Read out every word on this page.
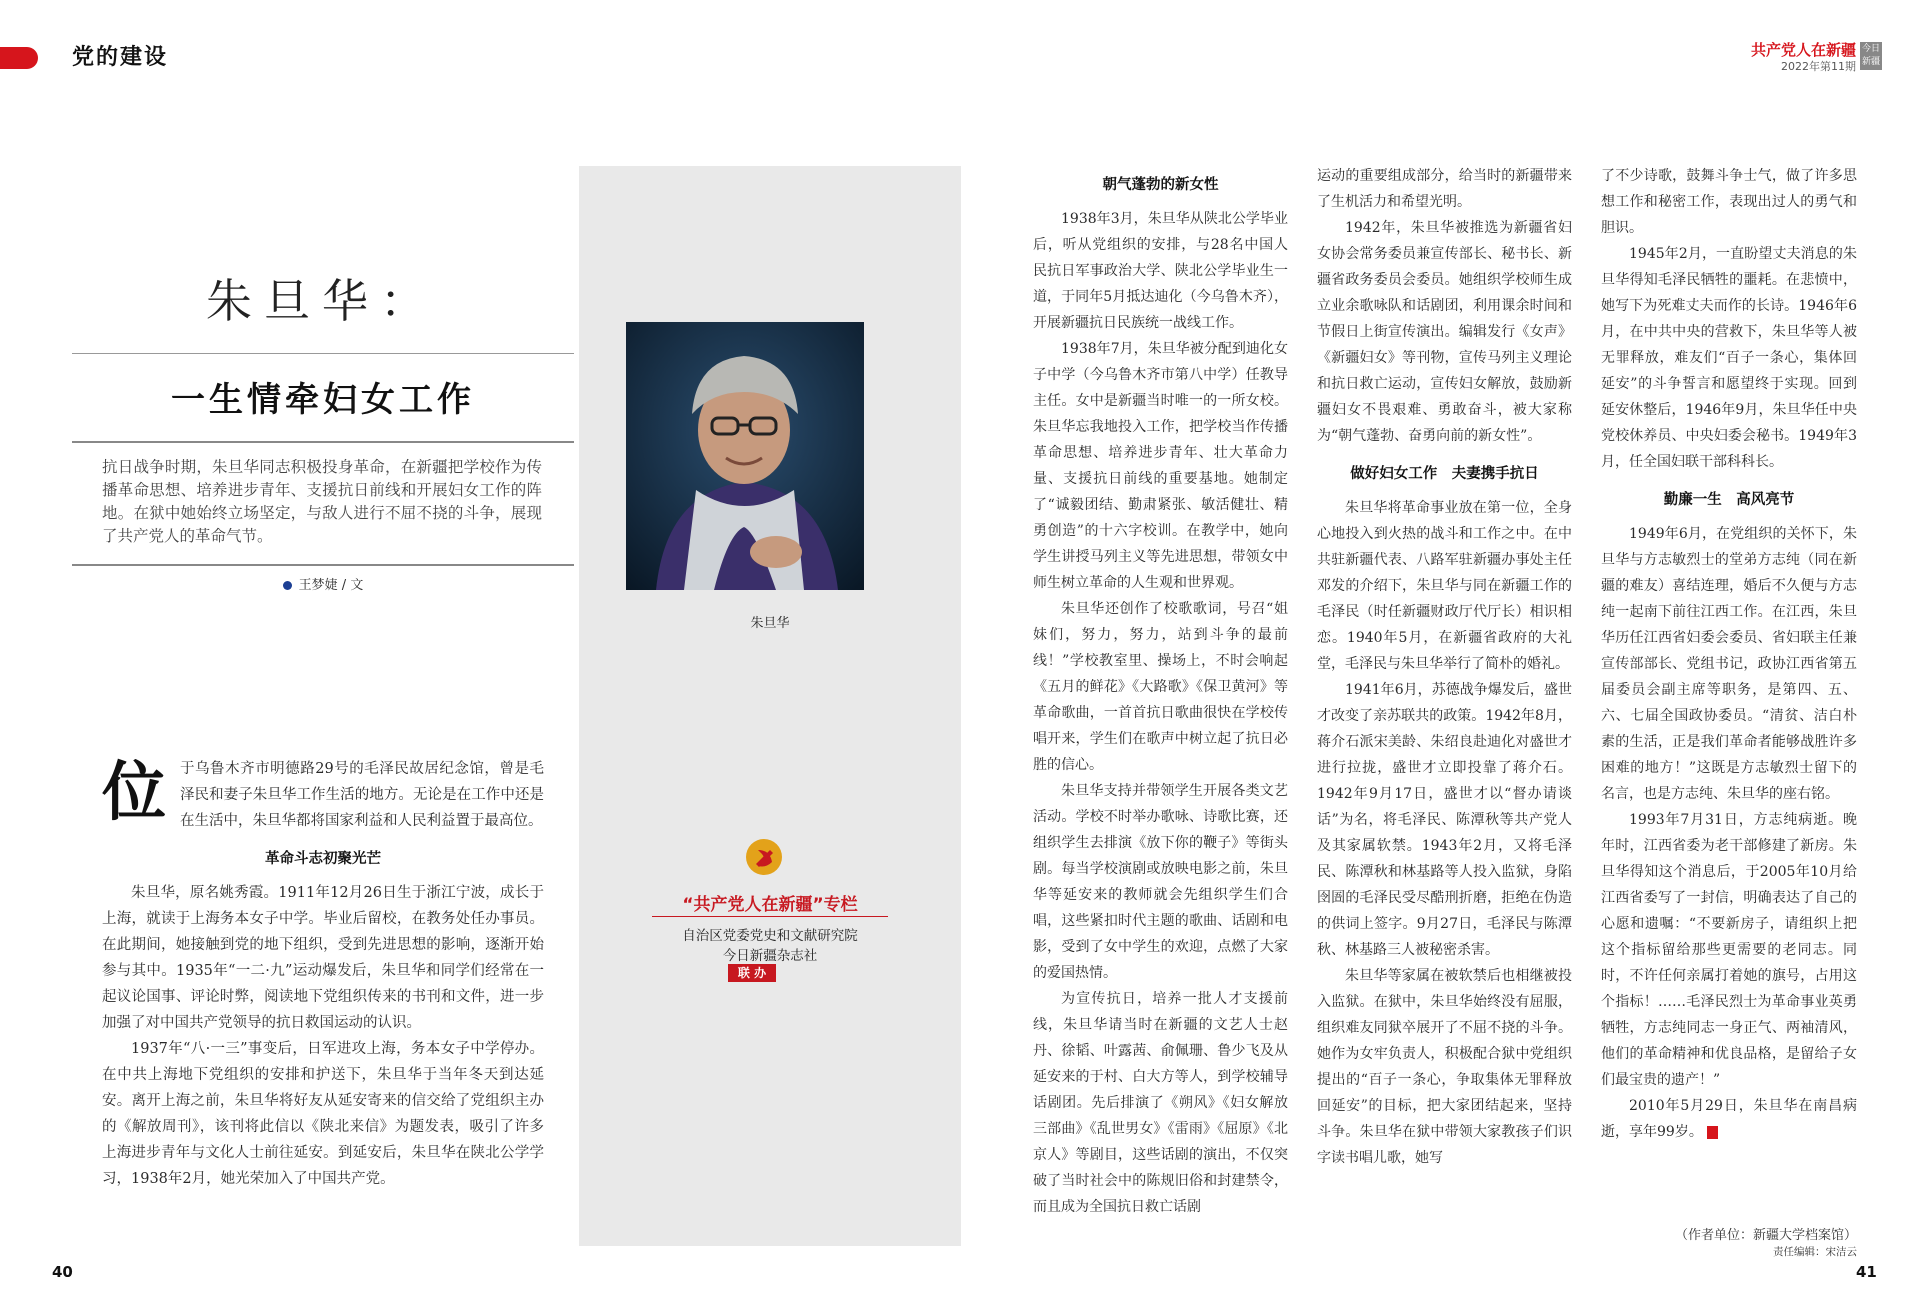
党的建设	共产党人在新疆
2022年第11期
今日
新疆
朱旦华：
一生情牵妇女工作
抗日战争时期，朱旦华同志积极投身革命，在新疆把学校作为传播革命思想、培养进步青年、支援抗日前线和开展妇女工作的阵地。在狱中她始终立场坚定，与敌人进行不屈不挠的斗争，展现了共产党人的革命气节。
王梦婕 / 文
位 于乌鲁木齐市明德路29号的毛泽民故居纪念馆，曾是毛泽民和妻子朱旦华工作生活的地方。无论是在工作中还是在生活中，朱旦华都将国家利益和人民利益置于最高位。

革命斗志初聚光芒

朱旦华，原名姚秀霞。1911年12月26日生于浙江宁波，成长于上海，就读于上海务本女子中学。毕业后留校，在教务处任办事员。在此期间，她接触到党的地下组织，受到先进思想的影响，逐渐开始参与其中。1935年“一二·九”运动爆发后，朱旦华和同学们经常在一起议论国事、评论时弊，阅读地下党组织传来的书刊和文件，进一步加强了对中国共产党领导的抗日救国运动的认识。

1937年“八·一三”事变后，日军进攻上海，务本女子中学停办。在中共上海地下党组织的安排和护送下，朱旦华于当年冬天到达延安。离开上海之前，朱旦华将好友从延安寄来的信交给了党组织主办的《解放周刊》，该刊将此信以《陕北来信》为题发表，吸引了许多上海进步青年与文化人士前往延安。到延安后，朱旦华在陕北公学学习，1938年2月，她光荣加入了中国共产党。

朱旦华
“共产党人在新疆”专栏
自治区党委党史和文献研究院
今日新疆杂志社
联 办
朝气蓬勃的新女性

1938年3月，朱旦华从陕北公学毕业后，听从党组织的安排，与28名中国人民抗日军事政治大学、陕北公学毕业生一道，于同年5月抵达迪化（今乌鲁木齐），开展新疆抗日民族统一战线工作。

1938年7月，朱旦华被分配到迪化女子中学（今乌鲁木齐市第八中学）任教导主任。女中是新疆当时唯一的一所女校。朱旦华忘我地投入工作，把学校当作传播革命思想、培养进步青年、壮大革命力量、支援抗日前线的重要基地。她制定了“诚毅团结、勤肃紧张、敏活健壮、精勇创造”的十六字校训。在教学中，她向学生讲授马列主义等先进思想，带领女中师生树立革命的人生观和世界观。

朱旦华还创作了校歌歌词，号召“姐妹们，努力，努力，站到斗争的最前线！”学校教室里、操场上，不时会响起《五月的鲜花》《大路歌》《保卫黄河》等革命歌曲，一首首抗日歌曲很快在学校传唱开来，学生们在歌声中树立起了抗日必胜的信心。

朱旦华支持并带领学生开展各类文艺活动。学校不时举办歌咏、诗歌比赛，还组织学生去排演《放下你的鞭子》等街头剧。每当学校演剧或放映电影之前，朱旦华等延安来的教师就会先组织学生们合唱，这些紧扣时代主题的歌曲、话剧和电影，受到了女中学生的欢迎，点燃了大家的爱国热情。

为宣传抗日，培养一批人才支援前线，朱旦华请当时在新疆的文艺人士赵丹、徐韬、叶露茜、俞佩珊、鲁少飞及从延安来的于村、白大方等人，到学校辅导话剧团。先后排演了《朔风》《妇女解放三部曲》《乱世男女》《雷雨》《屈原》《北京人》等剧目，这些话剧的演出，不仅突破了当时社会中的陈规旧俗和封建禁令，而且成为全国抗日救亡话剧

运动的重要组成部分，给当时的新疆带来了生机活力和希望光明。

1942年，朱旦华被推选为新疆省妇女协会常务委员兼宣传部长、秘书长、新疆省政务委员会委员。她组织学校师生成立业余歌咏队和话剧团，利用课余时间和节假日上街宣传演出。编辑发行《女声》《新疆妇女》等刊物，宣传马列主义理论和抗日救亡运动，宣传妇女解放，鼓励新疆妇女不畏艰难、勇敢奋斗，被大家称为“朝气蓬勃、奋勇向前的新女性”。

做好妇女工作　夫妻携手抗日

朱旦华将革命事业放在第一位，全身心地投入到火热的战斗和工作之中。在中共驻新疆代表、八路军驻新疆办事处主任邓发的介绍下，朱旦华与同在新疆工作的毛泽民（时任新疆财政厅代厅长）相识相恋。1940年5月，在新疆省政府的大礼堂，毛泽民与朱旦华举行了简朴的婚礼。

1941年6月，苏德战争爆发后，盛世才改变了亲苏联共的政策。1942年8月，蒋介石派宋美龄、朱绍良赴迪化对盛世才进行拉拢，盛世才立即投靠了蒋介石。1942年9月17日，盛世才以“督办请谈话”为名，将毛泽民、陈潭秋等共产党人及其家属软禁。1943年2月，又将毛泽民、陈潭秋和林基路等人投入监狱，身陷囹圄的毛泽民受尽酷刑折磨，拒绝在伪造的供词上签字。9月27日，毛泽民与陈潭秋、林基路三人被秘密杀害。

朱旦华等家属在被软禁后也相继被投入监狱。在狱中，朱旦华始终没有屈服，组织难友同狱卒展开了不屈不挠的斗争。她作为女牢负责人，积极配合狱中党组织提出的“百子一条心，争取集体无罪释放回延安”的目标，把大家团结起来，坚持斗争。朱旦华在狱中带领大家教孩子们识字读书唱儿歌，她写

了不少诗歌，鼓舞斗争士气，做了许多思想工作和秘密工作，表现出过人的勇气和胆识。

1945年2月，一直盼望丈夫消息的朱旦华得知毛泽民牺牲的噩耗。在悲愤中，她写下为死难丈夫而作的长诗。1946年6月，在中共中央的营救下，朱旦华等人被无罪释放，难友们“百子一条心，集体回延安”的斗争誓言和愿望终于实现。回到延安休整后，1946年9月，朱旦华任中央党校休养员、中央妇委会秘书。1949年3月，任全国妇联干部科科长。

勤廉一生　高风亮节

1949年6月，在党组织的关怀下，朱旦华与方志敏烈士的堂弟方志纯（同在新疆的难友）喜结连理，婚后不久便与方志纯一起南下前往江西工作。在江西，朱旦华历任江西省妇委会委员、省妇联主任兼宣传部部长、党组书记，政协江西省第五届委员会副主席等职务，是第四、五、六、七届全国政协委员。“清贫、洁白朴素的生活，正是我们革命者能够战胜许多困难的地方！”这既是方志敏烈士留下的名言，也是方志纯、朱旦华的座右铭。

1993年7月31日，方志纯病逝。晚年时，江西省委为老干部修建了新房。朱旦华得知这个消息后，于2005年10月给江西省委写了一封信，明确表达了自己的心愿和遗嘱：“不要新房子，请组织上把这个指标留给那些更需要的老同志。同时，不许任何亲属打着她的旗号，占用这个指标！……毛泽民烈士为革命事业英勇牺牲，方志纯同志一身正气、两袖清风，他们的革命精神和优良品格，是留给子女们最宝贵的遗产！”

2010年5月29日，朱旦华在南昌病逝，享年99岁。

（作者单位：新疆大学档案馆）
责任编辑：宋洁云
40	41
